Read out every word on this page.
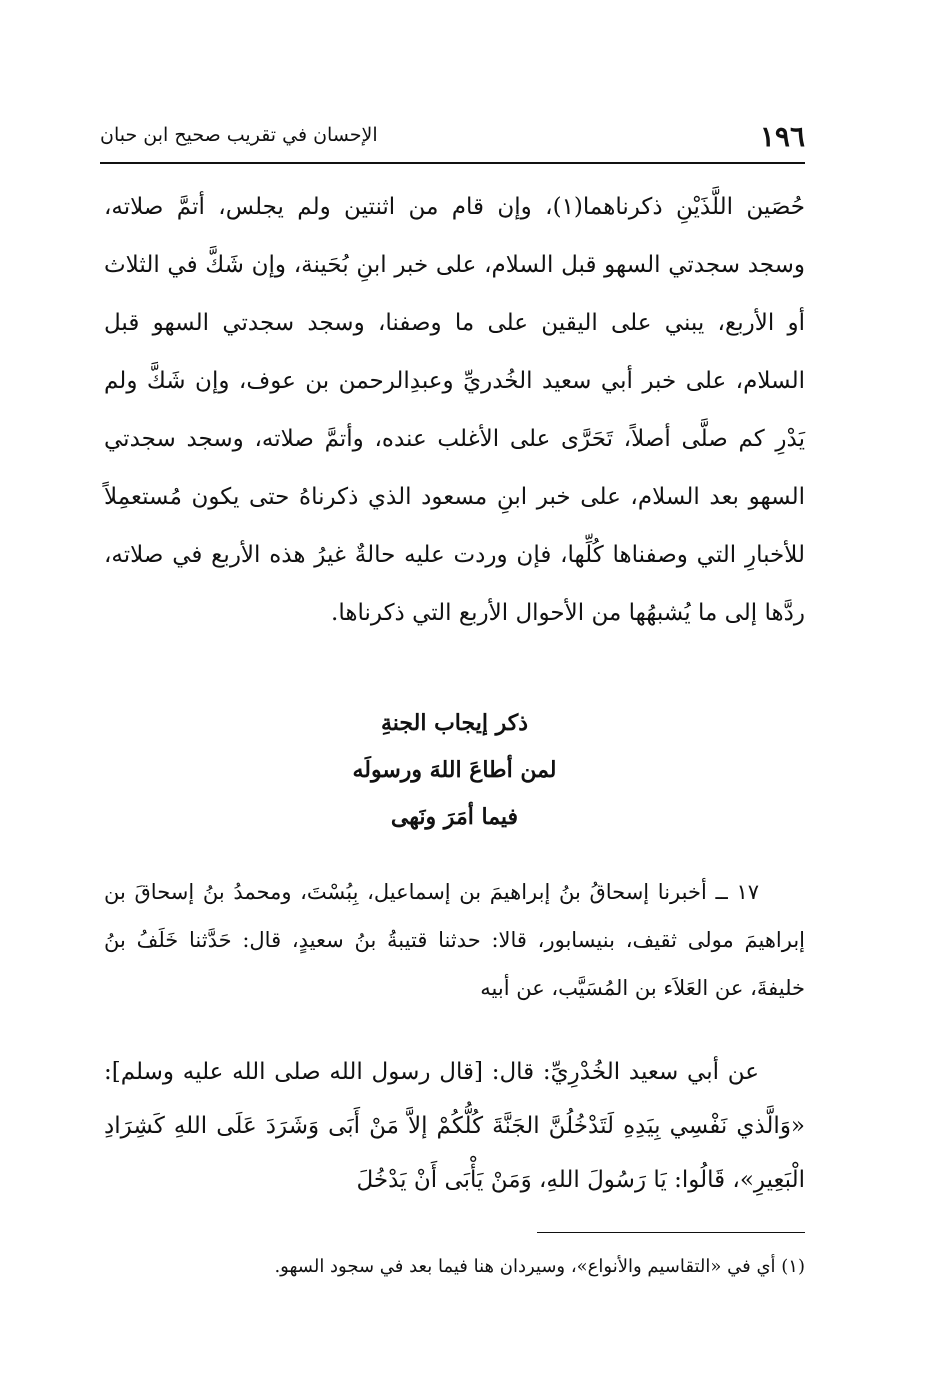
١٩٦
الإحسان في تقريب صحيح ابن حبان

حُصَين اللَّذَيْنِ ذكرناهما(١)، وإن قام من اثنتين ولم يجلس، أتمَّ صلاته، وسجد سجدتي السهو قبل السلام، على خبر ابنِ بُحَينة، وإن شَكَّ في الثلاث أو الأربع، يبني على اليقين على ما وصفنا، وسجد سجدتي السهو قبل السلام، على خبر أبي سعيد الخُدريِّ وعبدِالرحمن بن عوف، وإن شَكَّ ولم يَدْرِ كم صلَّى أصلاً، تَحَرَّى على الأغلب عنده، وأتمَّ صلاته، وسجد سجدتي السهو بعد السلام، على خبر ابنِ مسعود الذي ذكرناهُ حتى يكون مُستعمِلاً للأخبارِ التي وصفناها كُلِّها، فإن وردت عليه حالةٌ غيرُ هذه الأربع في صلاته، ردَّها إلى ما يُشبهُها من الأحوال الأربع التي ذكرناها.

ذكر إيجاب الجنةِ
لمن أطاعَ اللهَ ورسولَه
فيما أمَرَ ونَهى

١٧ ــ أخبرنا إسحاقُ بنُ إبراهيمَ بن إسماعيل، بِبُسْتَ، ومحمدُ بنُ إسحاقَ بن إبراهيمَ مولى ثقيف، بنيسابور، قالا: حدثنا قتيبةُ بنُ سعيدٍ، قال: حَدَّثنا خَلَفُ بنُ خليفةَ، عن العَلاَء بن المُسَيَّب، عن أبيه

عن أبي سعيد الخُدْرِيِّ: قال: [قال رسول الله صلى الله عليه وسلم]: «وَالَّذي نَفْسِي بِيَدِهِ لَتَدْخُلُنَّ الجَنَّةَ كُلُّكُمْ إلاَّ مَنْ أَبَى وَشَرَدَ عَلَى اللهِ كَشِرَادِ الْبَعِيرِ»، قَالُوا: يَا رَسُولَ اللهِ، وَمَنْ يَأْبَى أَنْ يَدْخُلَ

(١) أي في «التقاسيم والأنواع»، وسيردان هنا فيما بعد في سجود السهو.
